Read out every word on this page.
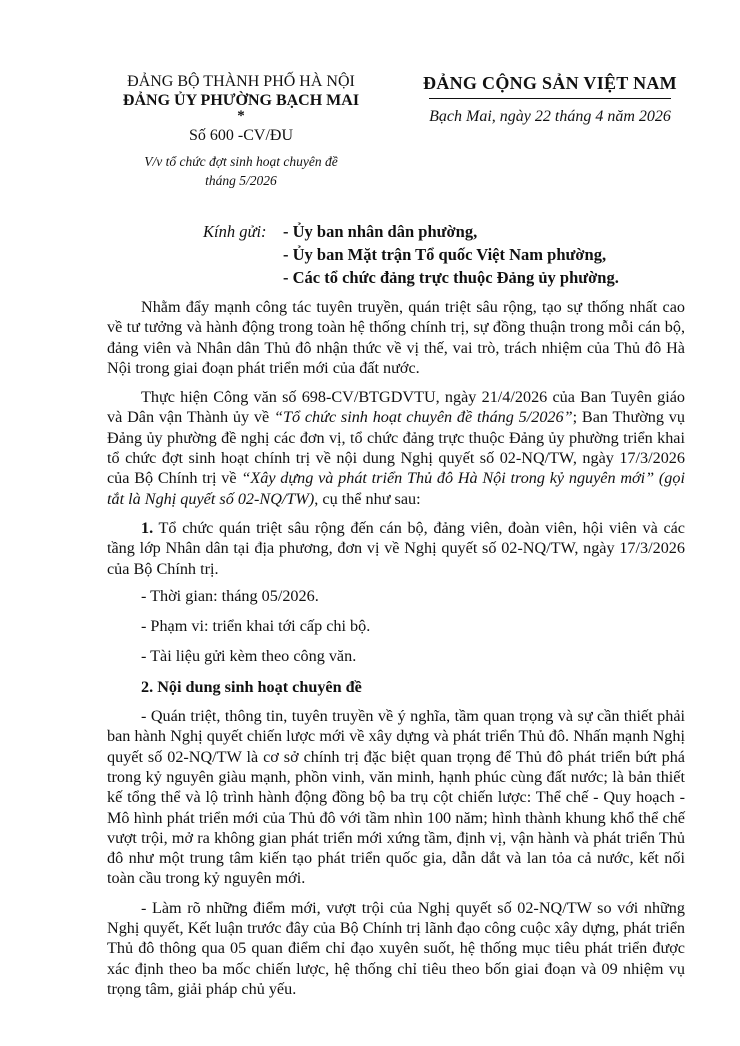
ĐẢNG BỘ THÀNH PHỐ HÀ NỘI
ĐẢNG ỦY PHƯỜNG BẠCH MAI
*
Số 600 -CV/ĐU
V/v tổ chức đợt sinh hoạt chuyên đề
tháng 5/2026
ĐẢNG CỘNG SẢN VIỆT NAM
Bạch Mai, ngày 22 tháng 4 năm 2026
Kính gửi: - Ủy ban nhân dân phường,
- Ủy ban Mặt trận Tổ quốc Việt Nam phường,
- Các tổ chức đảng trực thuộc Đảng ủy phường.

Nhằm đẩy mạnh công tác tuyên truyền, quán triệt sâu rộng, tạo sự thống nhất cao về tư tưởng và hành động trong toàn hệ thống chính trị, sự đồng thuận trong mỗi cán bộ, đảng viên và Nhân dân Thủ đô nhận thức về vị thế, vai trò, trách nhiệm của Thủ đô Hà Nội trong giai đoạn phát triển mới của đất nước.

Thực hiện Công văn số 698-CV/BTGDVTU, ngày 21/4/2026 của Ban Tuyên giáo và Dân vận Thành ủy về “Tổ chức sinh hoạt chuyên đề tháng 5/2026”; Ban Thường vụ Đảng ủy phường đề nghị các đơn vị, tổ chức đảng trực thuộc Đảng ủy phường triển khai tổ chức đợt sinh hoạt chính trị về nội dung Nghị quyết số 02-NQ/TW, ngày 17/3/2026 của Bộ Chính trị về “Xây dựng và phát triển Thủ đô Hà Nội trong kỷ nguyên mới” (gọi tắt là Nghị quyết số 02-NQ/TW), cụ thể như sau:

1. Tổ chức quán triệt sâu rộng đến cán bộ, đảng viên, đoàn viên, hội viên và các tầng lớp Nhân dân tại địa phương, đơn vị về Nghị quyết số 02-NQ/TW, ngày 17/3/2026 của Bộ Chính trị.

- Thời gian: tháng 05/2026.

- Phạm vi: triển khai tới cấp chi bộ.

- Tài liệu gửi kèm theo công văn.

2. Nội dung sinh hoạt chuyên đề

- Quán triệt, thông tin, tuyên truyền về ý nghĩa, tầm quan trọng và sự cần thiết phải ban hành Nghị quyết chiến lược mới về xây dựng và phát triển Thủ đô. Nhấn mạnh Nghị quyết số 02-NQ/TW là cơ sở chính trị đặc biệt quan trọng để Thủ đô phát triển bứt phá trong kỷ nguyên giàu mạnh, phồn vinh, văn minh, hạnh phúc cùng đất nước; là bản thiết kế tổng thể và lộ trình hành động đồng bộ ba trụ cột chiến lược: Thể chế - Quy hoạch - Mô hình phát triển mới của Thủ đô với tầm nhìn 100 năm; hình thành khung khổ thể chế vượt trội, mở ra không gian phát triển mới xứng tầm, định vị, vận hành và phát triển Thủ đô như một trung tâm kiến tạo phát triển quốc gia, dẫn dắt và lan tỏa cả nước, kết nối toàn cầu trong kỷ nguyên mới.

- Làm rõ những điểm mới, vượt trội của Nghị quyết số 02-NQ/TW so với những Nghị quyết, Kết luận trước đây của Bộ Chính trị lãnh đạo công cuộc xây dựng, phát triển Thủ đô thông qua 05 quan điểm chỉ đạo xuyên suốt, hệ thống mục tiêu phát triển được xác định theo ba mốc chiến lược, hệ thống chỉ tiêu theo bốn giai đoạn và 09 nhiệm vụ trọng tâm, giải pháp chủ yếu.
